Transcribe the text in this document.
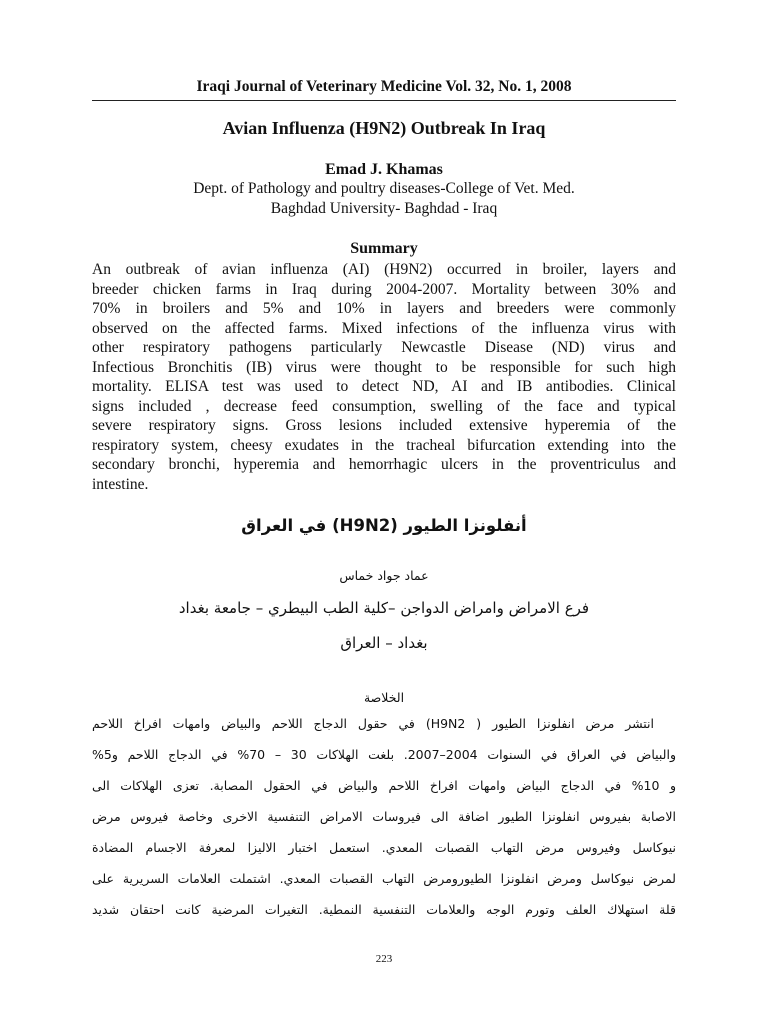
Iraqi Journal of Veterinary Medicine Vol. 32, No. 1, 2008
Avian Influenza (H9N2) Outbreak In Iraq
Emad J. Khamas
Dept. of Pathology and poultry diseases-College of Vet. Med.
Baghdad University- Baghdad - Iraq
Summary
An outbreak of avian influenza (AI) (H9N2) occurred in broiler, layers and
breeder chicken farms in Iraq during 2004-2007. Mortality between 30% and
70% in broilers and 5% and 10% in layers and breeders were commonly
observed on the affected farms. Mixed infections of the influenza virus with
other respiratory pathogens particularly Newcastle Disease (ND) virus and
Infectious Bronchitis (IB) virus were thought to be responsible for such high
mortality. ELISA test was used to detect ND, AI and IB antibodies. Clinical
signs included , decrease feed consumption, swelling of the face and typical
severe respiratory signs. Gross lesions included extensive hyperemia of the
respiratory system, cheesy exudates in the tracheal bifurcation extending into the
secondary bronchi, hyperemia and hemorrhagic ulcers in the proventriculus and
intestine.
أنفلونزا الطيور (H9N2) في العراق
عماد جواد خماس
فرع الامراض وامراض الدواجن –كلية الطب البيطري – جامعة بغداد
بغداد – العراق
الخلاصة
انتشر مرض انفلونزا الطيور ( H9N2) في حقول الدجاج اللاحم والبياض وامهات افراخ اللاحم
والبياض في العراق في السنوات 2004–2007. بلغت الهلاكات 30 – 70% في الدجاج اللاحم و5%
و 10% في الدجاج البياض وامهات افراخ اللاحم والبياض في الحقول المصابة. تعزى الهلاكات الى
الاصابة بفيروس انفلونزا الطيور اضافة الى فيروسات الامراض التنفسية الاخرى وخاصة فيروس مرض
نيوكاسل وفيروس مرض التهاب القصبات المعدي. استعمل اختبار الاليزا لمعرفة الاجسام المضادة
لمرض نيوكاسل ومرض انفلونزا الطيورومرض التهاب القصبات المعدي. اشتملت العلامات السريرية على
قلة استهلاك العلف وتورم الوجه والعلامات التنفسية النمطية. التغيرات المرضية كانت احتقان شديد
223
